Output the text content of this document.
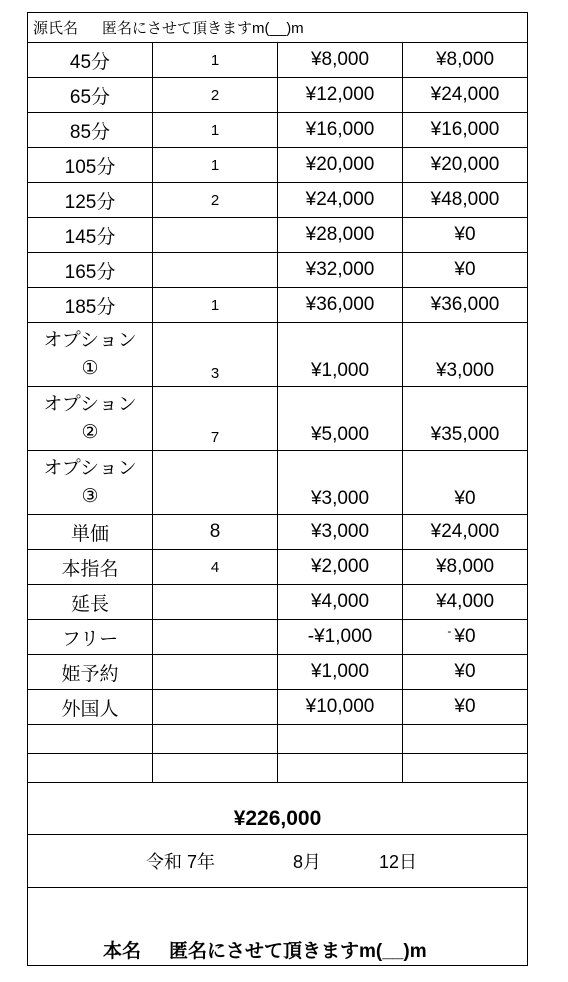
源氏名 匿名にさせて頂きますm(__)m			
45分	1	¥8,000	¥8,000
65分	2	¥12,000	¥24,000
85分	1	¥16,000	¥16,000
105分	1	¥20,000	¥20,000
125分	2	¥24,000	¥48,000
145分		¥28,000	¥0
165分		¥32,000	¥0
185分	1	¥36,000	¥36,000

オプション
①	3	¥1,000	¥3,000

オプション
②	7	¥5,000	¥35,000

オプション
③		¥3,000	¥0
単価	8	¥3,000	¥24,000
本指名	4	¥2,000	¥8,000
延長		¥4,000	¥4,000
フリー		-¥1,000	- ¥0
姫予約		¥1,000	¥0
外国人		¥10,000	¥0

¥226,000			
令和 7年 8月 12日			
本名 匿名にさせて頂きますm(__)m			
